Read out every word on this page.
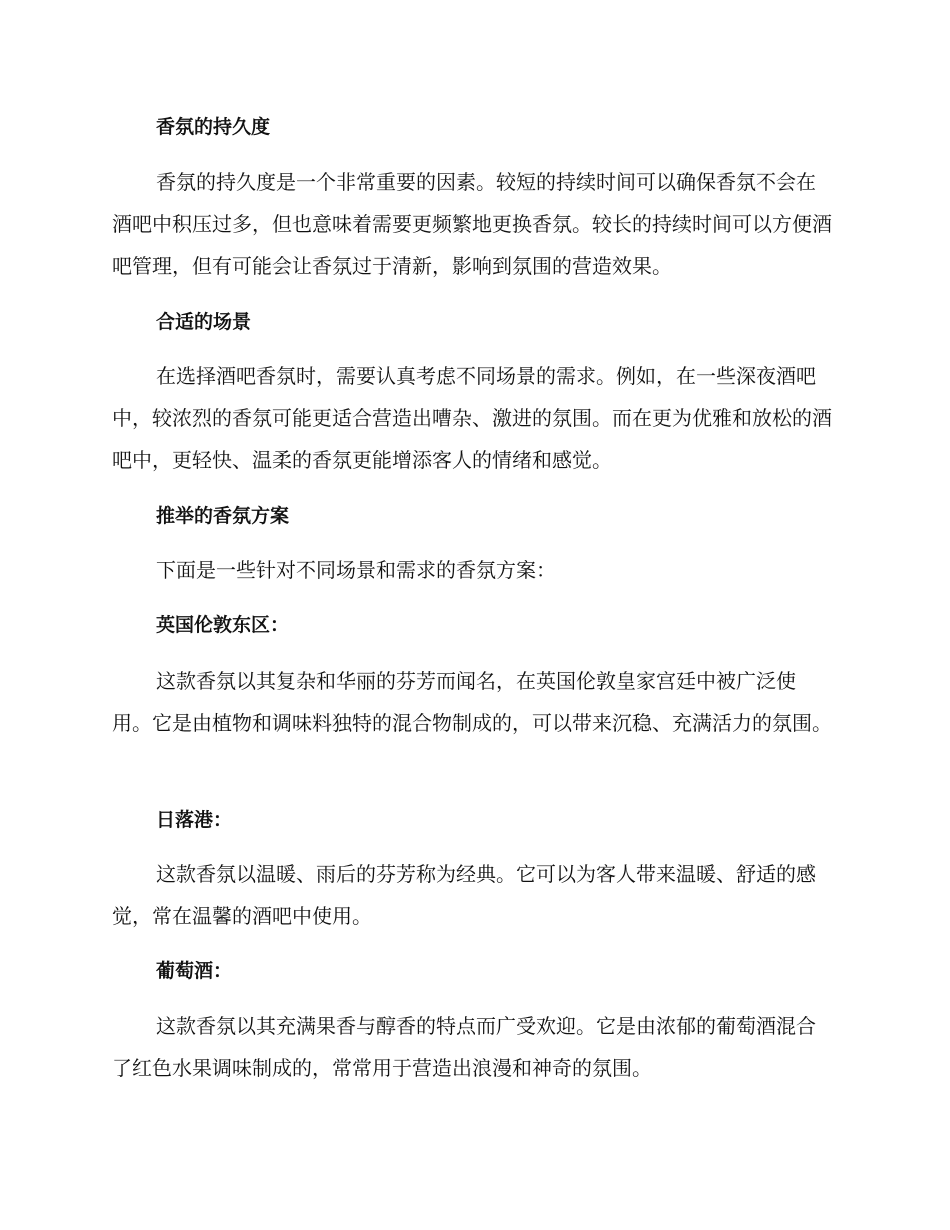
香氛的持久度

香氛的持久度是一个非常重要的因素。较短的持续时间可以确保香氛不会在酒吧中积压过多，但也意味着需要更频繁地更换香氛。较长的持续时间可以方便酒吧管理，但有可能会让香氛过于清新，影响到氛围的营造效果。

合适的场景

在选择酒吧香氛时，需要认真考虑不同场景的需求。例如，在一些深夜酒吧中，较浓烈的香氛可能更适合营造出嘈杂、激进的氛围。而在更为优雅和放松的酒吧中，更轻快、温柔的香氛更能增添客人的情绪和感觉。

推举的香氛方案

下面是一些针对不同场景和需求的香氛方案：

英国伦敦东区：

这款香氛以其复杂和华丽的芬芳而闻名，在英国伦敦皇家宫廷中被广泛使用。它是由植物和调味料独特的混合物制成的，可以带来沉稳、充满活力的氛围。

日落港：

这款香氛以温暖、雨后的芬芳称为经典。它可以为客人带来温暖、舒适的感觉，常在温馨的酒吧中使用。

葡萄酒：

这款香氛以其充满果香与醇香的特点而广受欢迎。它是由浓郁的葡萄酒混合了红色水果调味制成的，常常用于营造出浪漫和神奇的氛围。
